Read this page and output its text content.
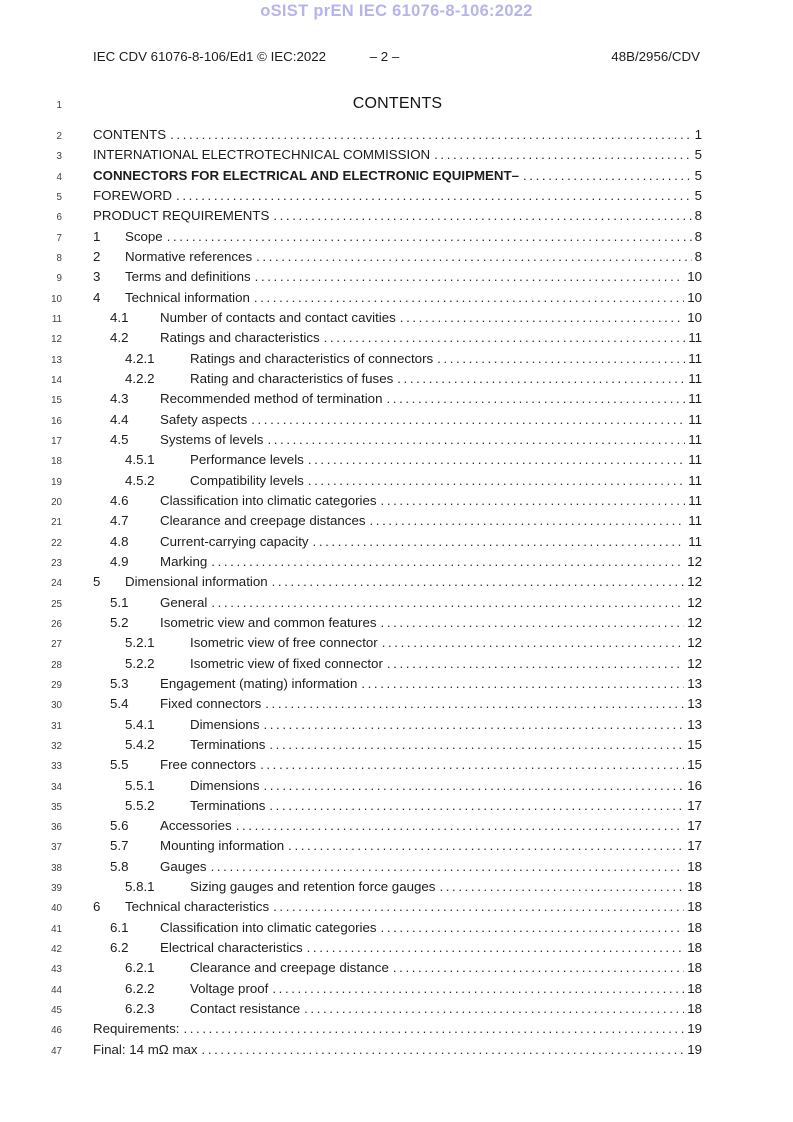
oSIST prEN IEC 61076-8-106:2022
IEC CDV 61076-8-106/Ed1 © IEC:2022	– 2 –	48B/2956/CDV
1	CONTENTS
2 CONTENTS .....	1
3 INTERNATIONAL ELECTROTECHNICAL COMMISSION .....	5
4 CONNECTORS FOR ELECTRICAL AND ELECTRONIC EQUIPMENT– .....	5
5 FOREWORD .....	5
6 PRODUCT REQUIREMENTS .....	8
7 1	Scope .....	8
8 2	Normative references .....	8
9 3	Terms and definitions .....	10
10 4	Technical information .....	10
11	4.1	Number of contacts and contact cavities .....	10
12	4.2	Ratings and characteristics .....	11
13	4.2.1	Ratings and characteristics of connectors .....	11
14	4.2.2	Rating and characteristics of fuses .....	11
15	4.3	Recommended method of termination .....	11
16	4.4	Safety aspects .....	11
17	4.5	Systems of levels .....	11
18	4.5.1	Performance levels .....	11
19	4.5.2	Compatibility levels .....	11
20	4.6	Classification into climatic categories .....	11
21	4.7	Clearance and creepage distances .....	11
22	4.8	Current-carrying capacity .....	11
23	4.9	Marking .....	12
24 5	Dimensional information .....	12
25	5.1	General .....	12
26	5.2	Isometric view and common features .....	12
27	5.2.1	Isometric view of free connector .....	12
28	5.2.2	Isometric view of fixed connector .....	12
29	5.3	Engagement (mating) information .....	13
30	5.4	Fixed connectors .....	13
31	5.4.1	Dimensions .....	13
32	5.4.2	Terminations .....	15
33	5.5	Free connectors .....	15
34	5.5.1	Dimensions .....	16
35	5.5.2	Terminations .....	17
36	5.6	Accessories .....	17
37	5.7	Mounting information .....	17
38	5.8	Gauges .....	18
39	5.8.1	Sizing gauges and retention force gauges .....	18
40 6	Technical characteristics .....	18
41	6.1	Classification into climatic categories .....	18
42	6.2	Electrical characteristics .....	18
43	6.2.1	Clearance and creepage distance .....	18
44	6.2.2	Voltage proof .....	18
45	6.2.3	Contact resistance .....	18
46 Requirements: .....	19
47 Final: 14 mΩ max .....	19
